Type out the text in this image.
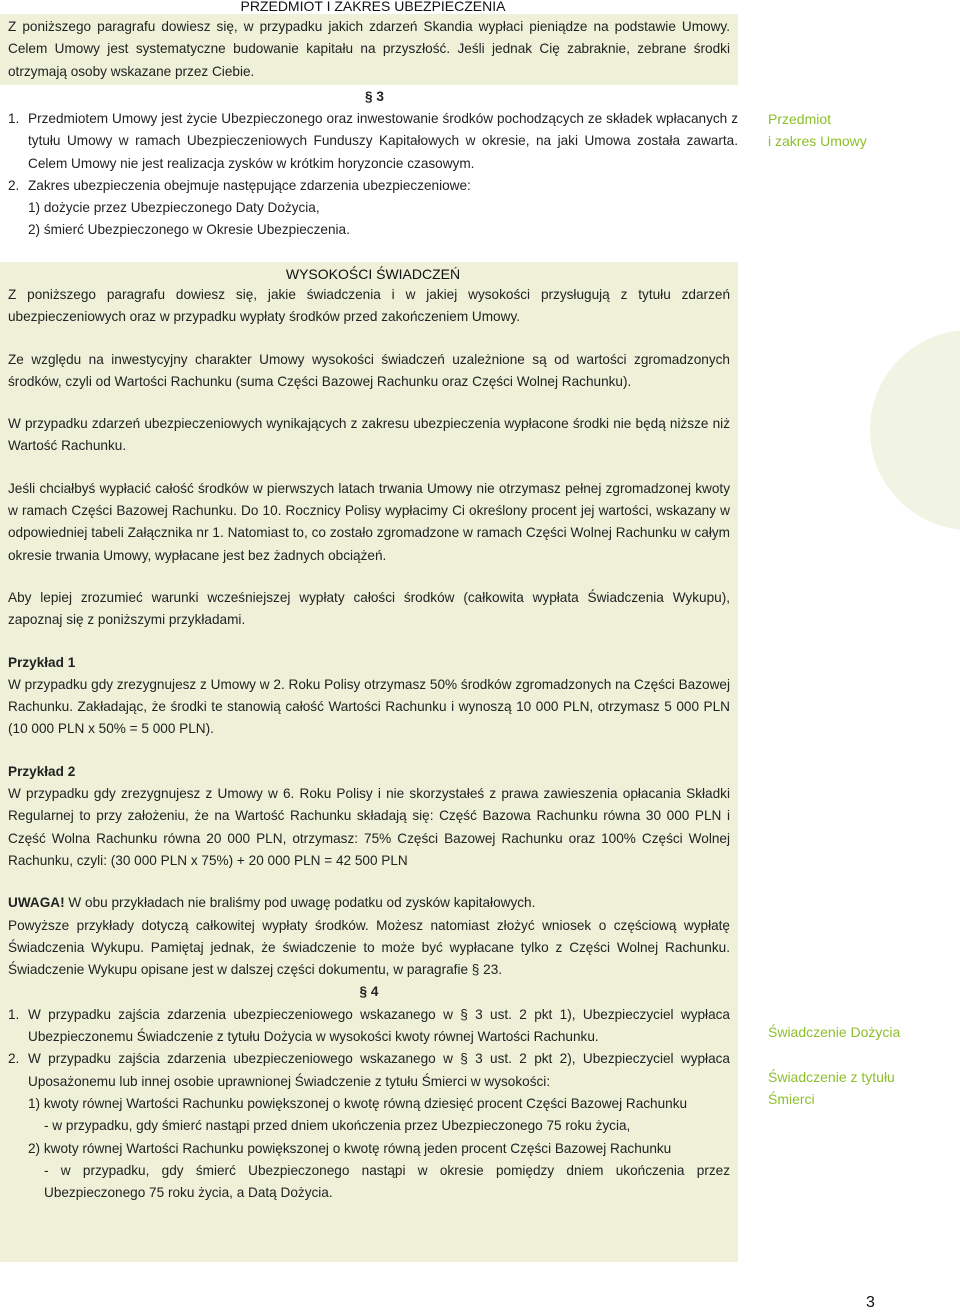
PRZEDMIOT I ZAKRES UBEZPIECZENIA
Z poniższego paragrafu dowiesz się, w przypadku jakich zdarzeń Skandia wypłaci pieniądze na podstawie Umowy. Celem Umowy jest systematyczne budowanie kapitału na przyszłość. Jeśli jednak Cię zabraknie, zebrane środki otrzymają osoby wskazane przez Ciebie.
§ 3
1. Przedmiotem Umowy jest życie Ubezpieczonego oraz inwestowanie środków pochodzących ze składek wpłacanych z tytułu Umowy w ramach Ubezpieczeniowych Funduszy Kapitałowych w okresie, na jaki Umowa została zawarta. Celem Umowy nie jest realizacja zysków w krótkim horyzoncie czasowym.
2. Zakres ubezpieczenia obejmuje następujące zdarzenia ubezpieczeniowe:
1) dożycie przez Ubezpieczonego Daty Dożycia,
2) śmierć Ubezpieczonego w Okresie Ubezpieczenia.
Przedmiot
i zakres Umowy
WYSOKOŚCI ŚWIADCZEŃ
Z poniższego paragrafu dowiesz się, jakie świadczenia i w jakiej wysokości przysługują z tytułu zdarzeń ubezpieczeniowych oraz w przypadku wypłaty środków przed zakończeniem Umowy.
Ze względu na inwestycyjny charakter Umowy wysokości świadczeń uzależnione są od wartości zgromadzonych środków, czyli od Wartości Rachunku (suma Części Bazowej Rachunku oraz Części Wolnej Rachunku).
W przypadku zdarzeń ubezpieczeniowych wynikających z zakresu ubezpieczenia wypłacone środki nie będą niższe niż Wartość Rachunku.
Jeśli chciałbyś wypłacić całość środków w pierwszych latach trwania Umowy nie otrzymasz pełnej zgromadzonej kwoty w ramach Części Bazowej Rachunku. Do 10. Rocznicy Polisy wypłacimy Ci określony procent jej wartości, wskazany w odpowiedniej tabeli Załącznika nr 1. Natomiast to, co zostało zgromadzone w ramach Części Wolnej Rachunku w całym okresie trwania Umowy, wypłacane jest bez żadnych obciążeń.
Aby lepiej zrozumieć warunki wcześniejszej wypłaty całości środków (całkowita wypłata Świadczenia Wykupu), zapoznaj się z poniższymi przykładami.
Przykład 1
W przypadku gdy zrezygnujesz z Umowy w 2. Roku Polisy otrzymasz 50% środków zgromadzonych na Części Bazowej Rachunku. Zakładając, że środki te stanowią całość Wartości Rachunku i wynoszą 10 000 PLN, otrzymasz 5 000 PLN (10 000 PLN x 50% = 5 000 PLN).
Przykład 2
W przypadku gdy zrezygnujesz z Umowy w 6. Roku Polisy i nie skorzystałeś z prawa zawieszenia opłacania Składki Regularnej to przy założeniu, że na Wartość Rachunku składają się: Część Bazowa Rachunku równa 30 000 PLN i Część Wolna Rachunku równa 20 000 PLN, otrzymasz: 75% Części Bazowej Rachunku oraz 100% Części Wolnej Rachunku, czyli: (30 000 PLN x 75%) + 20 000 PLN = 42 500 PLN
UWAGA! W obu przykładach nie braliśmy pod uwagę podatku od zysków kapitałowych.
Powyższe przykłady dotyczą całkowitej wypłaty środków. Możesz natomiast złożyć wniosek o częściową wypłatę Świadczenia Wykupu. Pamiętaj jednak, że świadczenie to może być wypłacane tylko z Części Wolnej Rachunku. Świadczenie Wykupu opisane jest w dalszej części dokumentu, w paragrafie § 23.
§ 4
1. W przypadku zajścia zdarzenia ubezpieczeniowego wskazanego w § 3 ust. 2 pkt 1), Ubezpieczyciel wypłaca Ubezpieczonemu Świadczenie z tytułu Dożycia w wysokości kwoty równej Wartości Rachunku.
2. W przypadku zajścia zdarzenia ubezpieczeniowego wskazanego w § 3 ust. 2 pkt 2), Ubezpieczyciel wypłaca Uposażonemu lub innej osobie uprawnionej Świadczenie z tytułu Śmierci w wysokości:
1) kwoty równej Wartości Rachunku powiększonej o kwotę równą dziesięć procent Części Bazowej Rachunku
- w przypadku, gdy śmierć nastąpi przed dniem ukończenia przez Ubezpieczonego 75 roku życia,
2) kwoty równej Wartości Rachunku powiększonej o kwotę równą jeden procent Części Bazowej Rachunku
- w przypadku, gdy śmierć Ubezpieczonego nastąpi w okresie pomiędzy dniem ukończenia przez Ubezpieczonego 75 roku życia, a Datą Dożycia.
Świadczenie Dożycia
Świadczenie z tytułu
Śmierci
3
